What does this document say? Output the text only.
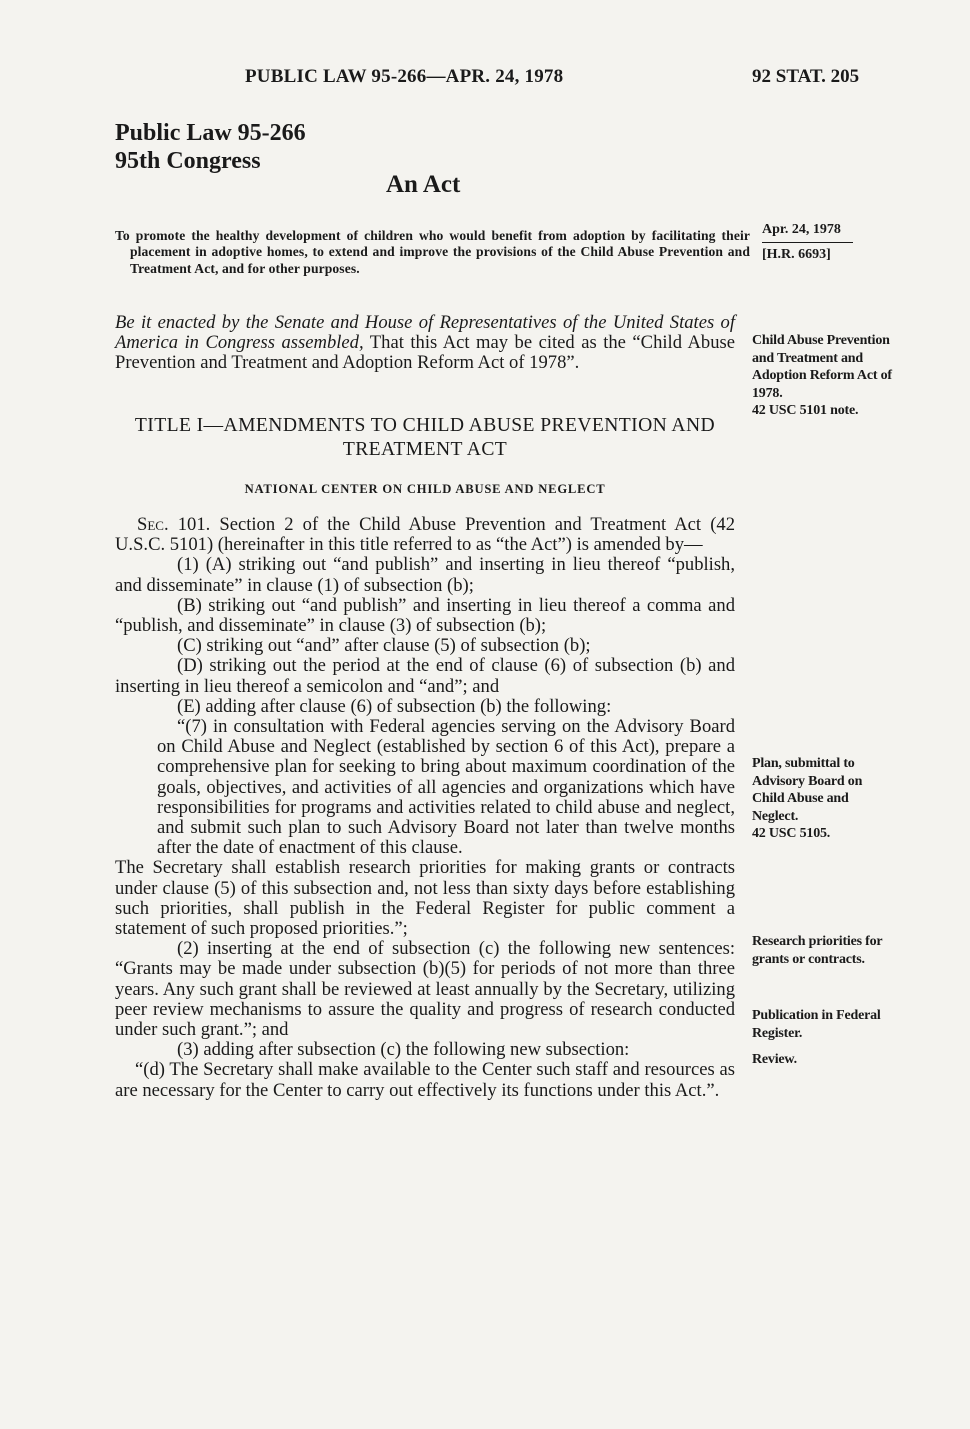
PUBLIC LAW 95-266—APR. 24, 1978	92 STAT. 205
Public Law 95-266
95th Congress
An Act
Apr. 24, 1978
[H.R. 6693]
To promote the healthy development of children who would benefit from adoption by facilitating their placement in adoptive homes, to extend and improve the provisions of the Child Abuse Prevention and Treatment Act, and for other purposes.
Be it enacted by the Senate and House of Representatives of the United States of America in Congress assembled, That this Act may be cited as the “Child Abuse Prevention and Treatment and Adoption Reform Act of 1978”.
Child Abuse Prevention and Treatment and Adoption Reform Act of 1978.
42 USC 5101 note.
TITLE I—AMENDMENTS TO CHILD ABUSE PREVENTION AND TREATMENT ACT
NATIONAL CENTER ON CHILD ABUSE AND NEGLECT

Sec. 101. Section 2 of the Child Abuse Prevention and Treatment Act (42 U.S.C. 5101) (hereinafter in this title referred to as “the Act”) is amended by—

(1) (A) striking out “and publish” and inserting in lieu thereof “publish, and disseminate” in clause (1) of subsection (b);

(B) striking out “and publish” and inserting in lieu thereof a comma and “publish, and disseminate” in clause (3) of subsection (b);

(C) striking out “and” after clause (5) of subsection (b);

(D) striking out the period at the end of clause (6) of subsection (b) and inserting in lieu thereof a semicolon and “and”; and

(E) adding after clause (6) of subsection (b) the following:

“(7) in consultation with Federal agencies serving on the Advisory Board on Child Abuse and Neglect (established by section 6 of this Act), prepare a comprehensive plan for seeking to bring about maximum coordination of the goals, objectives, and activities of all agencies and organizations which have responsibilities for programs and activities related to child abuse and neglect, and submit such plan to such Advisory Board not later than twelve months after the date of enactment of this clause.

The Secretary shall establish research priorities for making grants or contracts under clause (5) of this subsection and, not less than sixty days before establishing such priorities, shall publish in the Federal Register for public comment a statement of such proposed priorities.”;

(2) inserting at the end of subsection (c) the following new sentences: “Grants may be made under subsection (b)(5) for periods of not more than three years. Any such grant shall be reviewed at least annually by the Secretary, utilizing peer review mechanisms to assure the quality and progress of research conducted under such grant.”; and

(3) adding after subsection (c) the following new subsection:

“(d) The Secretary shall make available to the Center such staff and resources as are necessary for the Center to carry out effectively its functions under this Act.”.

Plan, submittal to Advisory Board on Child Abuse and Neglect.
42 USC 5105.
Research priorities for grants or contracts.
Publication in Federal Register.
Review.
